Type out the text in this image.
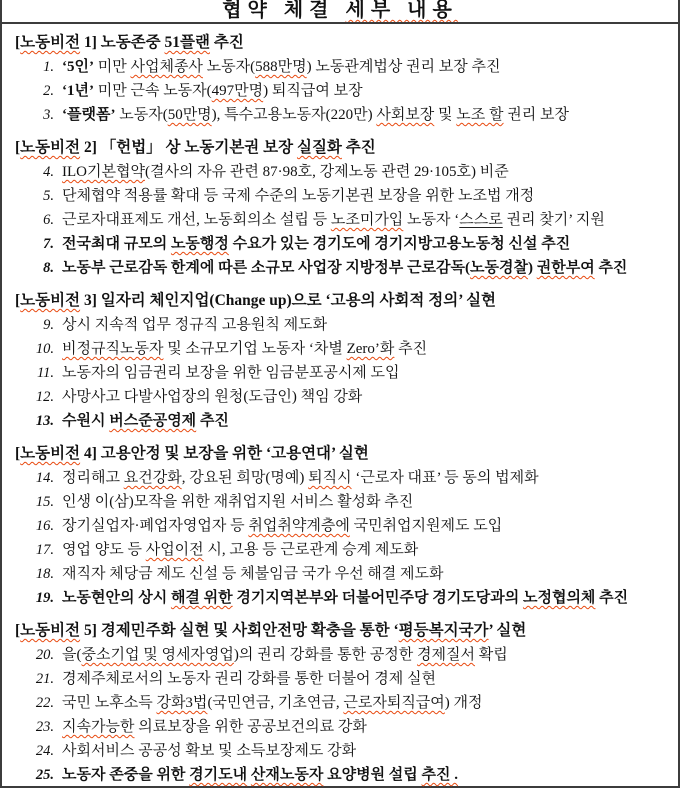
협약 체결 세부 내용
[노동비전 1] 노동존중 51플랜 추진
1. ‘5인’ 미만 사업체종사 노동자(588만명) 노동관계법상 권리 보장 추진
2. ‘1년’ 미만 근속 노동자(497만명) 퇴직급여 보장
3. ‘플랫폼’ 노동자(50만명), 특수고용노동자(220만) 사회보장 및 노조 할 권리 보장
[노동비전 2] 「헌법」 상 노동기본권 보장 실질화 추진
4. ILO기본협약(결사의 자유 관련 87·98호, 강제노동 관련 29·105호) 비준
5. 단체협약 적용률 확대 등 국제 수준의 노동기본권 보장을 위한 노조법 개정
6. 근로자대표제도 개선, 노동회의소 설립 등 노조미가입 노동자 ‘스스로 권리 찾기’ 지원
7. 전국최대 규모의 노동행정 수요가 있는 경기도에 경기지방고용노동청 신설 추진
8. 노동부 근로감독 한계에 따른 소규모 사업장 지방정부 근로감독(노동경찰) 권한부여 추진
[노동비전 3] 일자리 체인지업(Change up)으로 ‘고용의 사회적 정의’ 실현
9. 상시 지속적 업무 정규직 고용원칙 제도화
10. 비정규직노동자 및 소규모기업 노동자 ‘차별 Zero’화 추진
11. 노동자의 임금권리 보장을 위한 임금분포공시제 도입
12. 사망사고 다발사업장의 원청(도급인) 책임 강화
13. 수원시 버스준공영제 추진
[노동비전 4] 고용안정 및 보장을 위한 ‘고용연대’ 실현
14. 정리해고 요건강화, 강요된 희망(명예) 퇴직시 ‘근로자 대표’ 등 동의 법제화
15. 인생 이(삼)모작을 위한 재취업지원 서비스 활성화 추진
16. 장기실업자·폐업자영업자 등 취업취약계층에 국민취업지원제도 도입
17. 영업 양도 등 사업이전 시, 고용 등 근로관계 승계 제도화
18. 재직자 체당금 제도 신설 등 체불임금 국가 우선 해결 제도화
19. 노동현안의 상시 해결 위한 경기지역본부와 더불어민주당 경기도당과의 노정협의체 추진
[노동비전 5] 경제민주화 실현 및 사회안전망 확충을 통한 ‘평등복지국가’ 실현
20. 을(중소기업 및 영세자영업)의 권리 강화를 통한 공정한 경제질서 확립
21. 경제주체로서의 노동자 권리 강화를 통한 더불어 경제 실현
22. 국민 노후소득 강화3법(국민연금, 기초연금, 근로자퇴직급여) 개정
23. 지속가능한 의료보장을 위한 공공보건의료 강화
24. 사회서비스 공공성 확보 및 소득보장제도 강화
25. 노동자 존중을 위한 경기도내 산재노동자 요양병원 설립 추진 .
